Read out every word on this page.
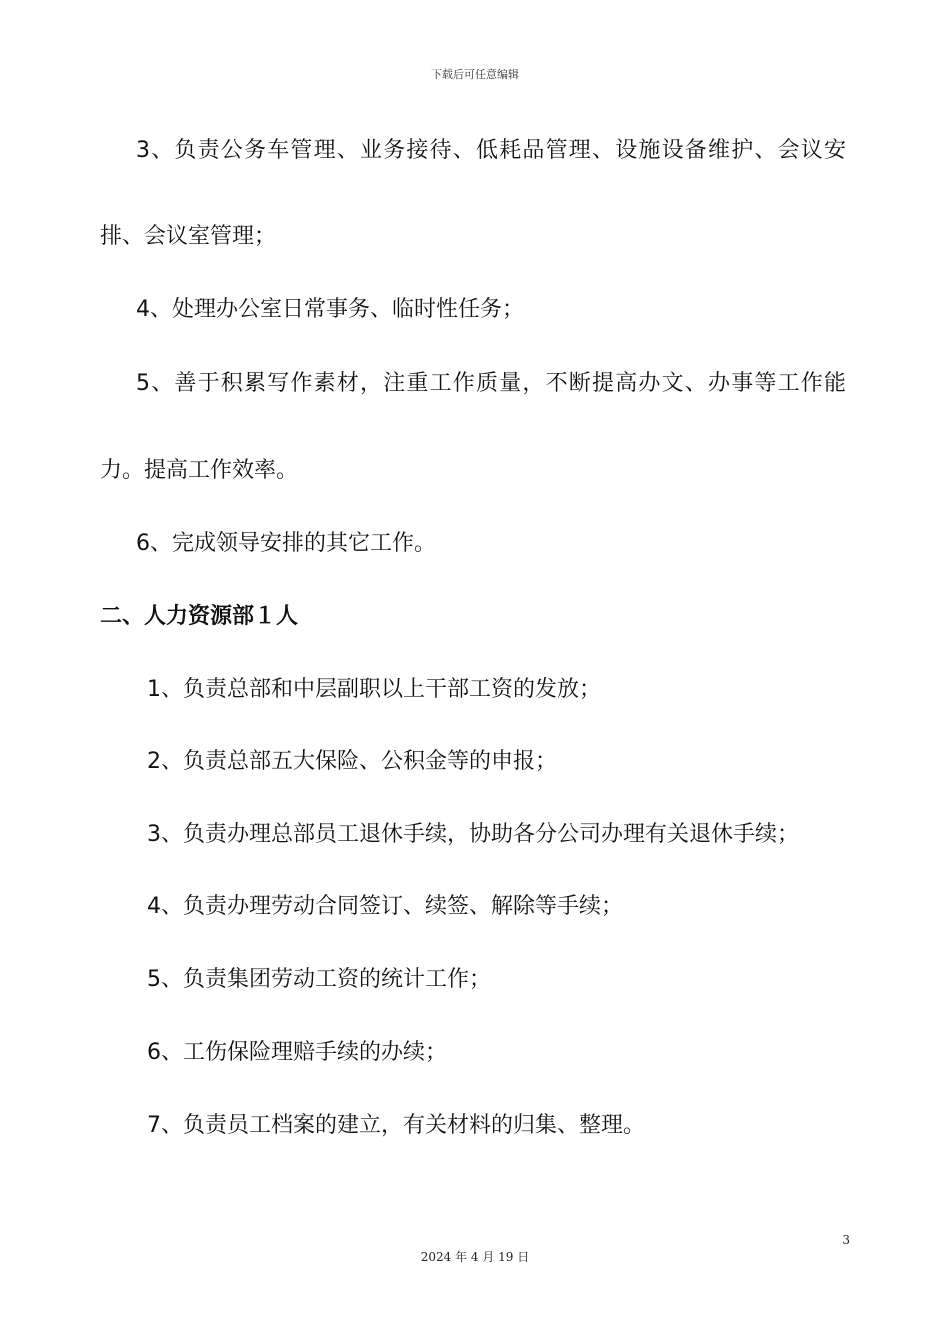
下载后可任意编辑
3、负责公务车管理、业务接待、低耗品管理、设施设备维护、会议安
排、会议室管理；
4、处理办公室日常事务、临时性任务；
5、善于积累写作素材，注重工作质量，不断提高办文、办事等工作能
力。提高工作效率。
6、完成领导安排的其它工作。
二、人力资源部１人
1、负责总部和中层副职以上干部工资的发放；
2、负责总部五大保险、公积金等的申报；
3、负责办理总部员工退休手续，协助各分公司办理有关退休手续；
4、负责办理劳动合同签订、续签、解除等手续；
5、负责集团劳动工资的统计工作；
6、工伤保险理赔手续的办续；
7、负责员工档案的建立，有关材料的归集、整理。
3
2024 年 4 月 19 日
